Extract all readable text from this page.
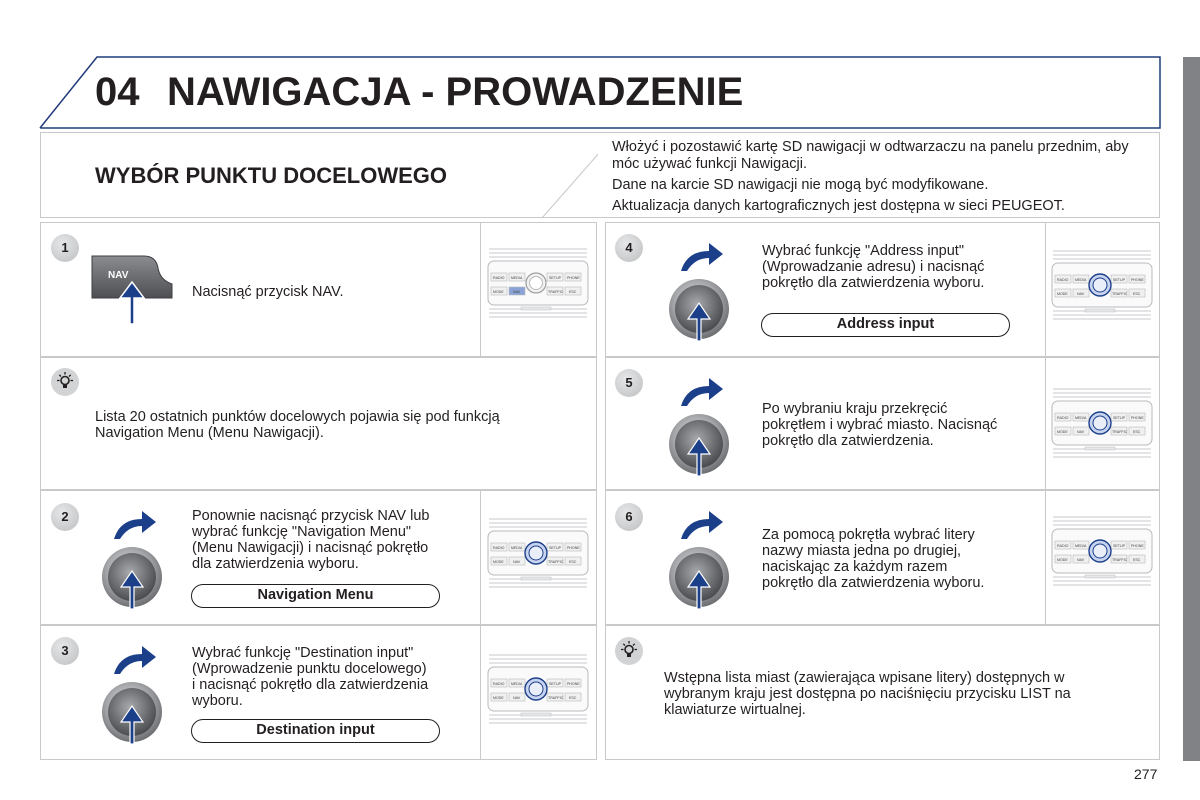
04 NAWIGACJA - PROWADZENIE
WYBÓR PUNKTU DOCELOWEGO

Włożyć i pozostawić kartę SD nawigacji w odtwarzaczu na panelu przednim, aby móc używać funkcji Nawigacji.

Dane na karcie SD nawigacji nie mogą być modyfikowane.

Aktualizacja danych kartograficznych jest dostępna w sieci PEUGEOT.

1
2
3
4
5
6
NAV

Nacisnąć przycisk NAV.

Ponownie nacisnąć przycisk NAV lub

wybrać funkcję "Navigation Menu"

(Menu Nawigacji) i nacisnąć pokrętło

dla zatwierdzenia wyboru.

Wybrać funkcję "Destination input"

(Wprowadzenie punktu docelowego)

i nacisnąć pokrętło dla zatwierdzenia

wyboru.

Wybrać funkcję "Address input"

(Wprowadzanie adresu) i nacisnąć

pokrętło dla zatwierdzenia wyboru.

Po wybraniu kraju przekręcić

pokrętłem i wybrać miasto. Nacisnąć

pokrętło dla zatwierdzenia.

Za pomocą pokrętła wybrać litery

nazwy miasta jedna po drugiej,

naciskając za każdym razem

pokrętło dla zatwierdzenia wyboru.

Lista 20 ostatnich punktów docelowych pojawia się pod funkcją

Navigation Menu (Menu Nawigacji).

Wstępna lista miast (zawierająca wpisane litery) dostępnych w

wybranym kraju jest dostępna po naciśnięciu przycisku LIST na

klawiaturze wirtualnej.

Navigation Menu
Destination input
Address input
RADIO MEDIA	SETUP PHONE
MODE	NAV	TRAFFIC ESC
RADIO MEDIA	SETUP PHONE
MODE	NAV	TRAFFIC ESC
RADIO MEDIA	SETUP PHONE
MODE	NAV	TRAFFIC ESC
RADIO MEDIA	SETUP PHONE
MODE	NAV	TRAFFIC ESC
RADIO MEDIA	SETUP PHONE
MODE	NAV	TRAFFIC ESC
RADIO MEDIA	SETUP PHONE
MODE	NAV	TRAFFIC ESC
277
